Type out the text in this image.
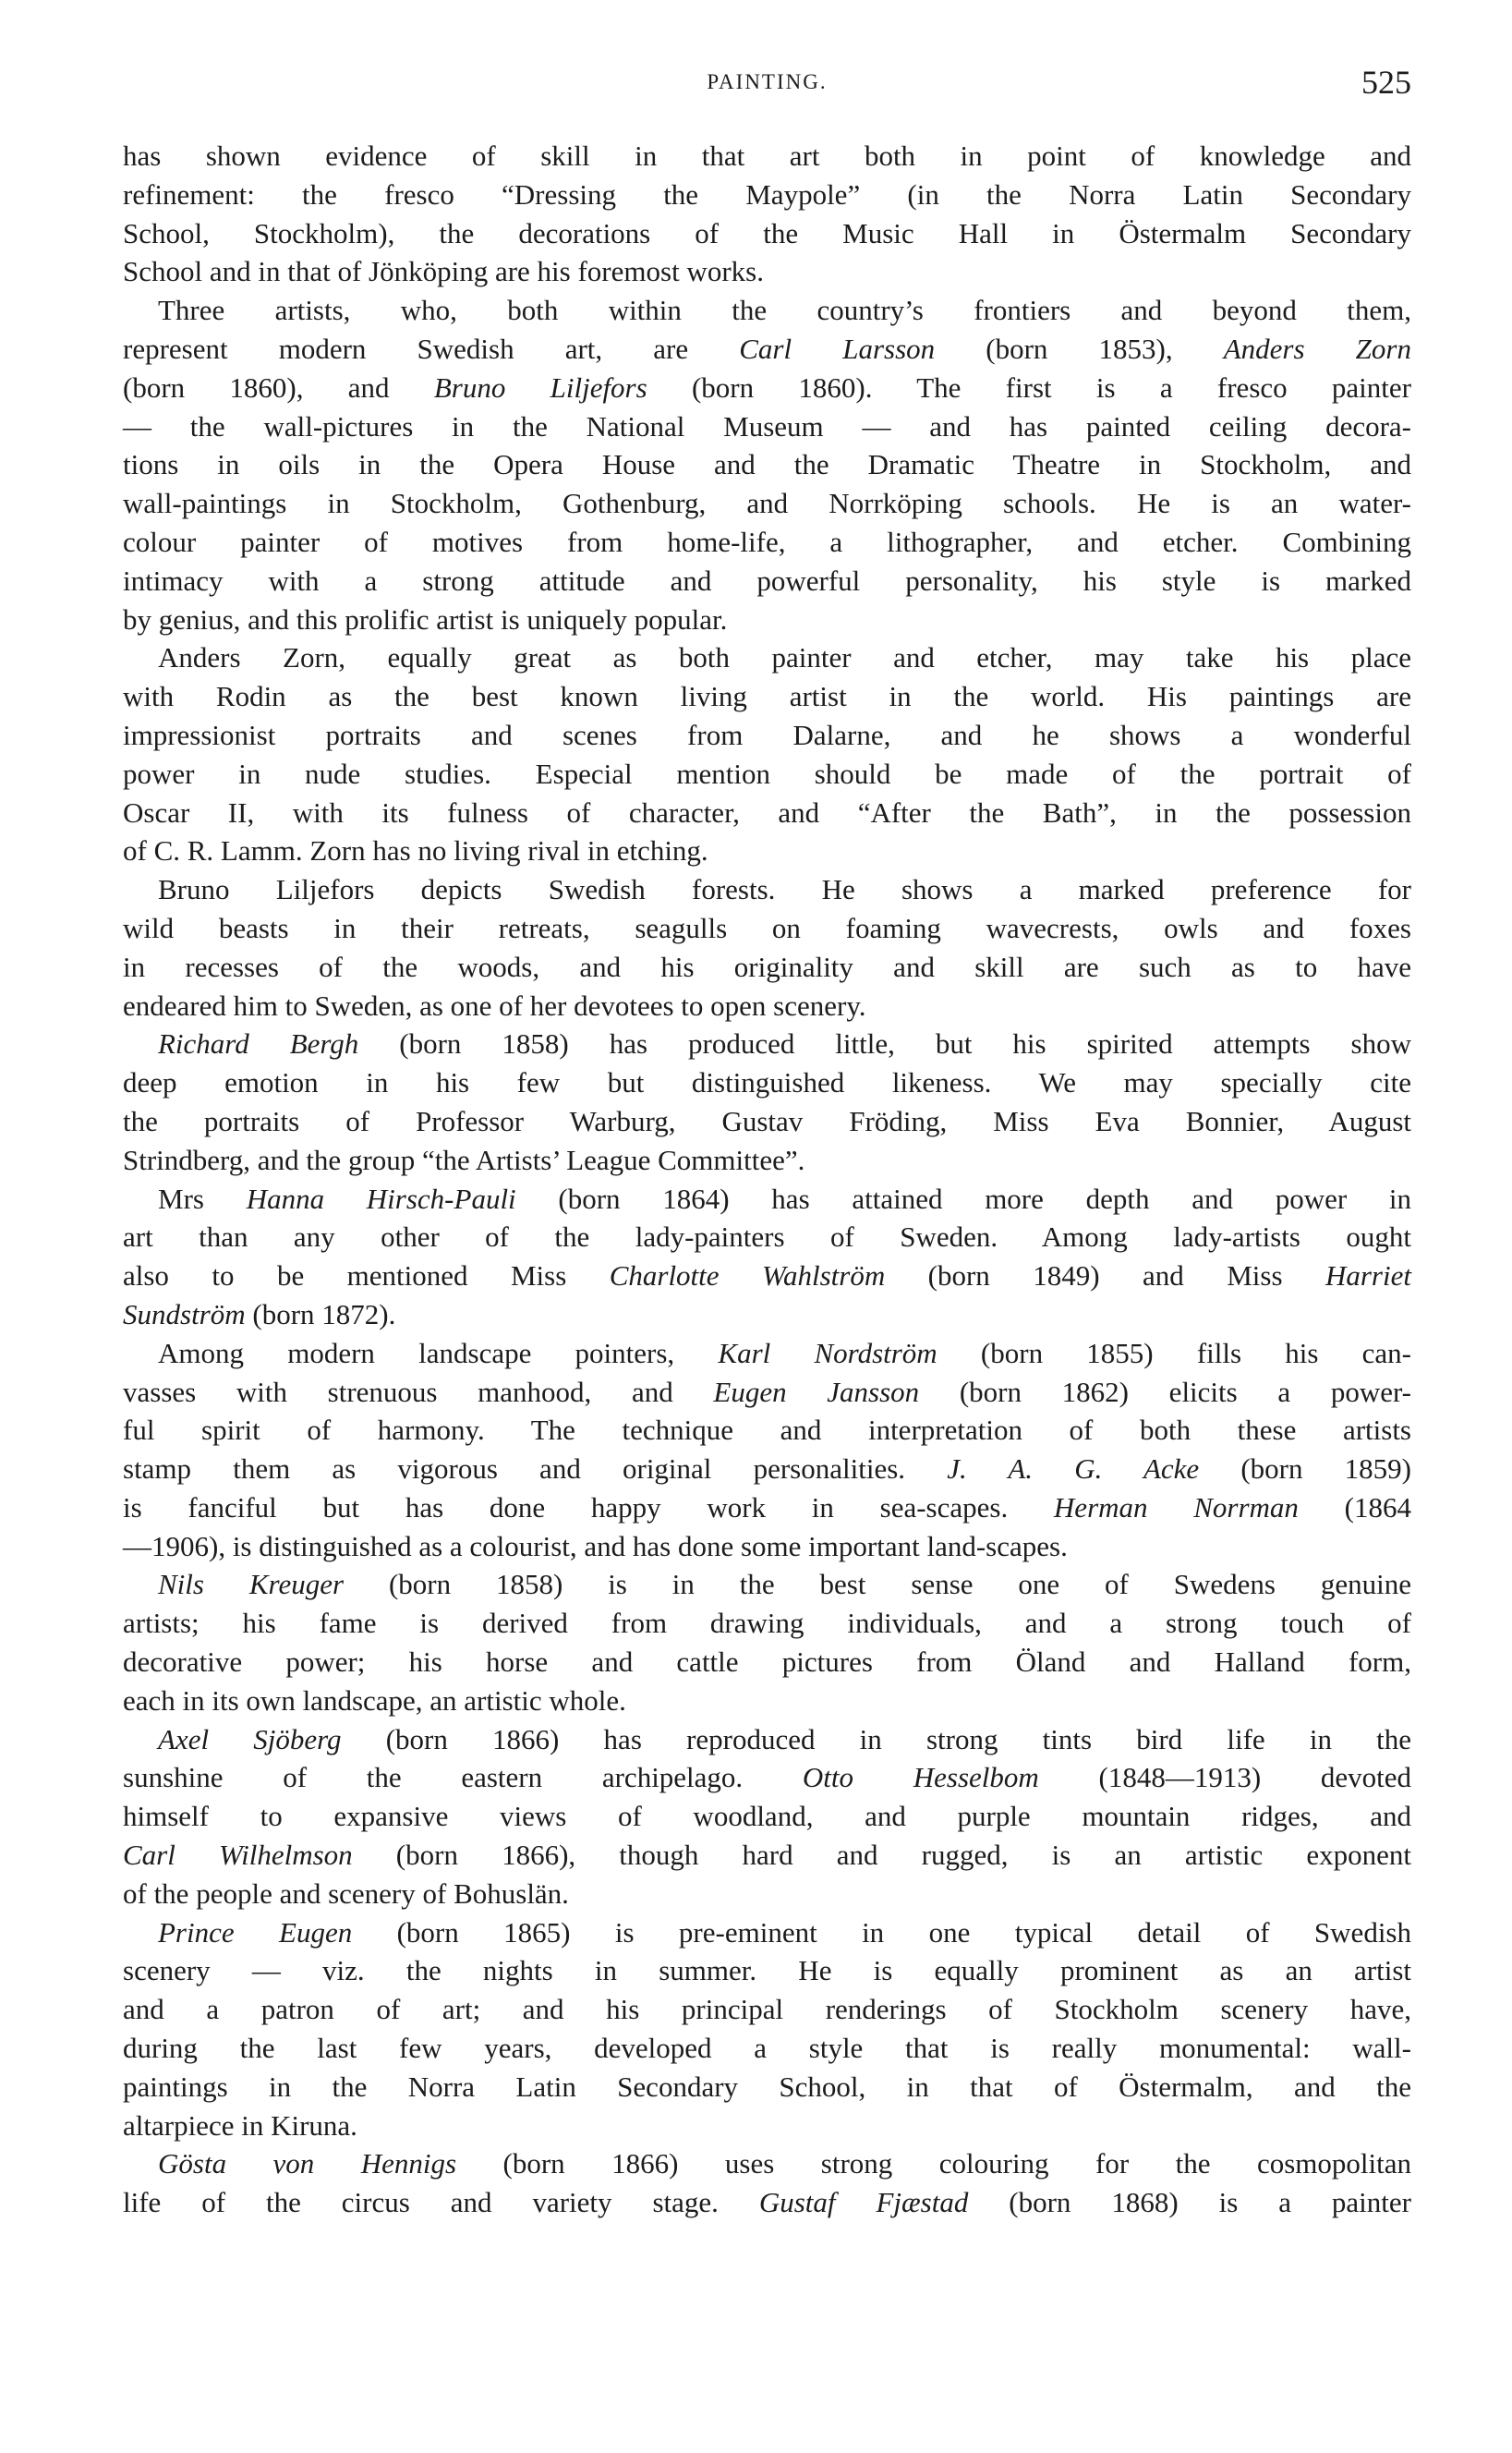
PAINTING.	525
has shown evidence of skill in that art both in point of knowledge and
refinement: the fresco “Dressing the Maypole” (in the Norra Latin Secondary
School, Stockholm), the decorations of the Music Hall in Östermalm Secondary
School and in that of Jönköping are his foremost works.
Three artists, who, both within the country’s frontiers and beyond them,
represent modern Swedish art, are Carl Larsson (born 1853), Anders Zorn
(born 1860), and Bruno Liljefors (born 1860). The first is a fresco painter
— the wall-pictures in the National Museum — and has painted ceiling decora-
tions in oils in the Opera House and the Dramatic Theatre in Stockholm, and
wall-paintings in Stockholm, Gothenburg, and Norrköping schools. He is an water-
colour painter of motives from home-life, a lithographer, and etcher. Combining
intimacy with a strong attitude and powerful personality, his style is marked
by genius, and this prolific artist is uniquely popular.
Anders Zorn, equally great as both painter and etcher, may take his place
with Rodin as the best known living artist in the world. His paintings are
impressionist portraits and scenes from Dalarne, and he shows a wonderful
power in nude studies. Especial mention should be made of the portrait of
Oscar II, with its fulness of character, and “After the Bath”, in the possession
of C. R. Lamm. Zorn has no living rival in etching.
Bruno Liljefors depicts Swedish forests. He shows a marked preference for
wild beasts in their retreats, seagulls on foaming wavecrests, owls and foxes
in recesses of the woods, and his originality and skill are such as to have
endeared him to Sweden, as one of her devotees to open scenery.
Richard Bergh (born 1858) has produced little, but his spirited attempts show
deep emotion in his few but distinguished likeness. We may specially cite
the portraits of Professor Warburg, Gustav Fröding, Miss Eva Bonnier, August
Strindberg, and the group “the Artists’ League Committee”.
Mrs Hanna Hirsch-Pauli (born 1864) has attained more depth and power in
art than any other of the lady-painters of Sweden. Among lady-artists ought
also to be mentioned Miss Charlotte Wahlström (born 1849) and Miss Harriet
Sundström (born 1872).
Among modern landscape pointers, Karl Nordström (born 1855) fills his can-
vasses with strenuous manhood, and Eugen Jansson (born 1862) elicits a power-
ful spirit of harmony. The technique and interpretation of both these artists
stamp them as vigorous and original personalities. J. A. G. Acke (born 1859)
is fanciful but has done happy work in sea-scapes. Herman Norrman (1864
—1906), is distinguished as a colourist, and has done some important land-scapes.
Nils Kreuger (born 1858) is in the best sense one of Swedens genuine
artists; his fame is derived from drawing individuals, and a strong touch of
decorative power; his horse and cattle pictures from Öland and Halland form,
each in its own landscape, an artistic whole.
Axel Sjöberg (born 1866) has reproduced in strong tints bird life in the
sunshine of the eastern archipelago. Otto Hesselbom (1848—1913) devoted
himself to expansive views of woodland, and purple mountain ridges, and
Carl Wilhelmson (born 1866), though hard and rugged, is an artistic exponent
of the people and scenery of Bohuslän.
Prince Eugen (born 1865) is pre-eminent in one typical detail of Swedish
scenery — viz. the nights in summer. He is equally prominent as an artist
and a patron of art; and his principal renderings of Stockholm scenery have,
during the last few years, developed a style that is really monumental: wall-
paintings in the Norra Latin Secondary School, in that of Östermalm, and the
altarpiece in Kiruna.
Gösta von Hennigs (born 1866) uses strong colouring for the cosmopolitan
life of the circus and variety stage. Gustaf Fjæstad (born 1868) is a painter
